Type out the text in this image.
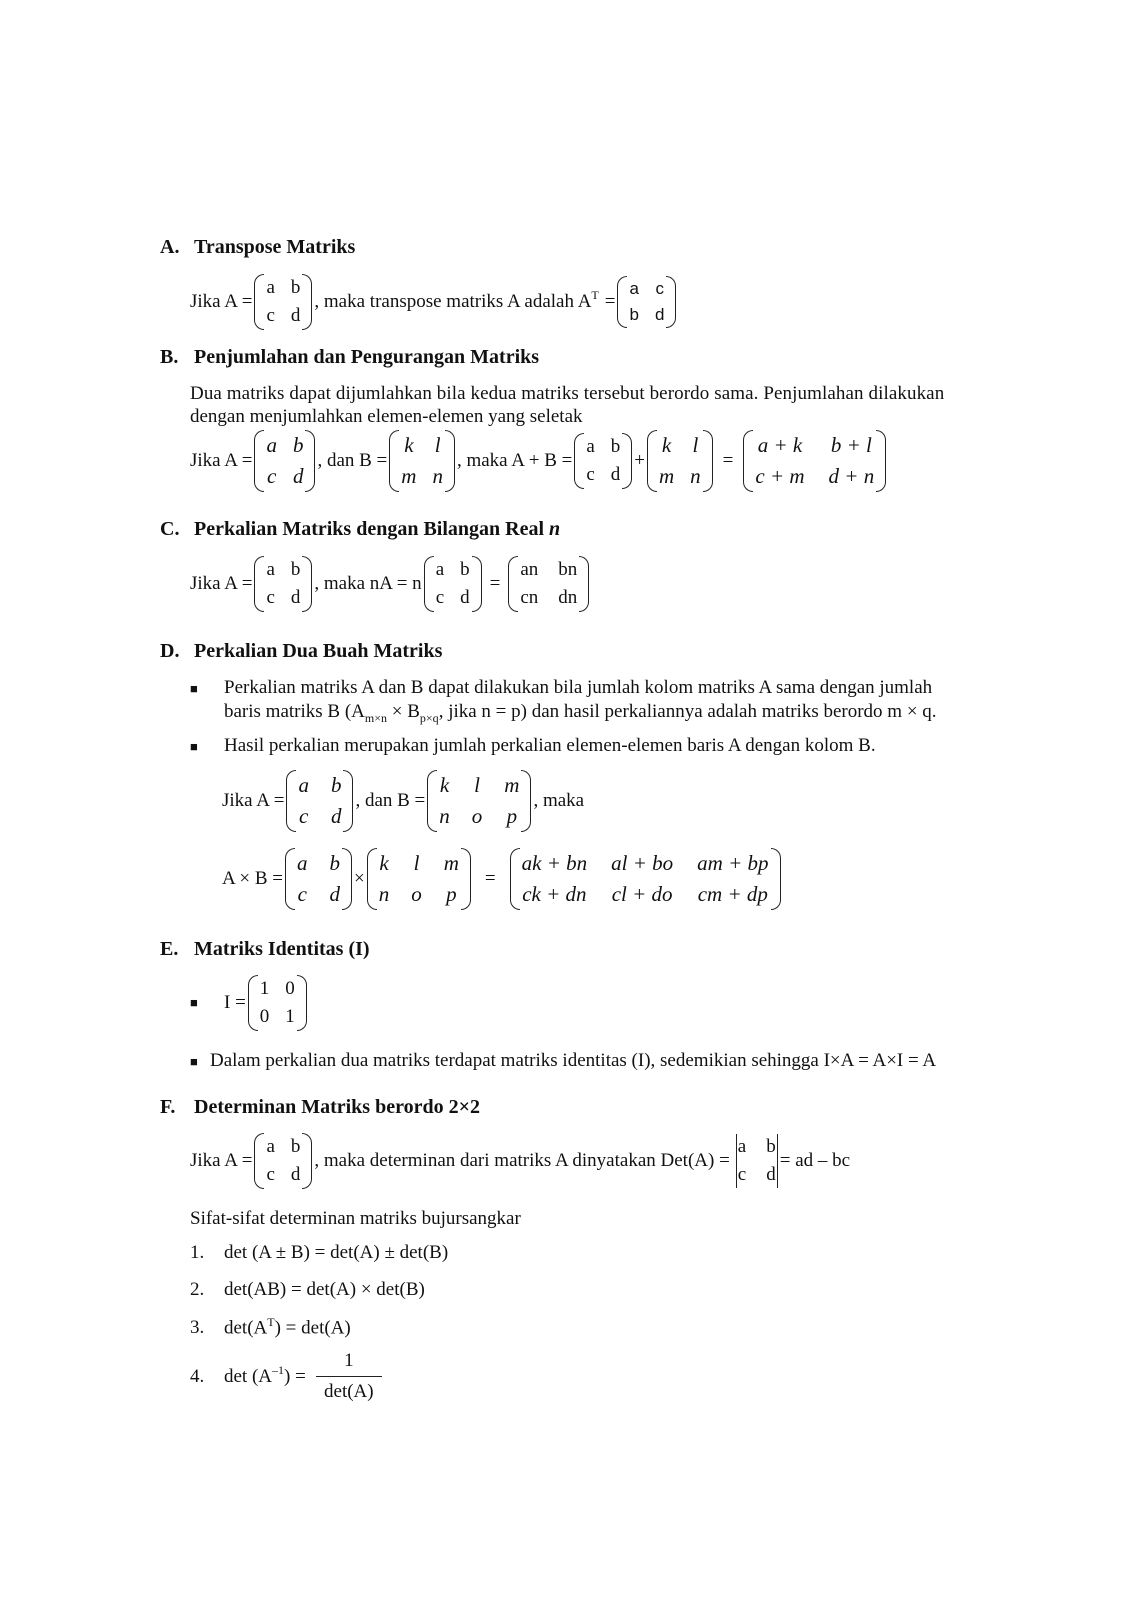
A. Transpose Matriks
Jika A =
a b
c d
, maka transpose matriks A adalah $A^T$ =
a c
b d
B. Penjumlahan dan Pengurangan Matriks
Dua matriks dapat dijumlahkan bila kedua matriks tersebut berordo sama. Penjumlahan dilakukan
dengan menjumlahkan elemen-elemen yang seletak
Jika A =
a b
c d
, dan B =
k l
m n
, maka A + B =
a b
c d
+
k l
m n
=
a + k b + l
c + m d + n
C. Perkalian Matriks dengan Bilangan Real n
Jika A =
a b
c d
, maka nA = n
a b
c d
=
an bn
cn dn
D. Perkalian Dua Buah Matriks
■ Perkalian matriks A dan B dapat dilakukan bila jumlah kolom matriks A sama dengan jumlah
baris matriks B ($A_{m\times n} \times B_{p\times q}$, jika n = p) dan hasil perkaliannya adalah matriks berordo m × q.
■ Hasil perkalian merupakan jumlah perkalian elemen-elemen baris A dengan kolom B.
Jika A =
a b
c d
, dan B =
k l m
n o p
, maka
A × B =
a b
c d
×
k l m
n o p
=
ak + bn al + bo am + bp
ck + dn cl + do cm + dp
E. Matriks Identitas (I)
■	I =
1 0
0 1
■ Dalam perkalian dua matriks terdapat matriks identitas (I), sedemikian sehingga I×A = A×I = A
F. Determinan Matriks berordo 2×2
Jika A =
a b
c d
, maka determinan dari matriks A dinyatakan Det(A) =
a b
c d
= ad – bc
Sifat-sifat determinan matriks bujursangkar
1. det (A ± B) = det(A) ± det(B)
2. det(AB) = det(A) × det(B)
3. $\det(A^T) = \det(A)$
4.	$\det (A^{-1}$ ) = $\frac{1}{\det(A)}$
